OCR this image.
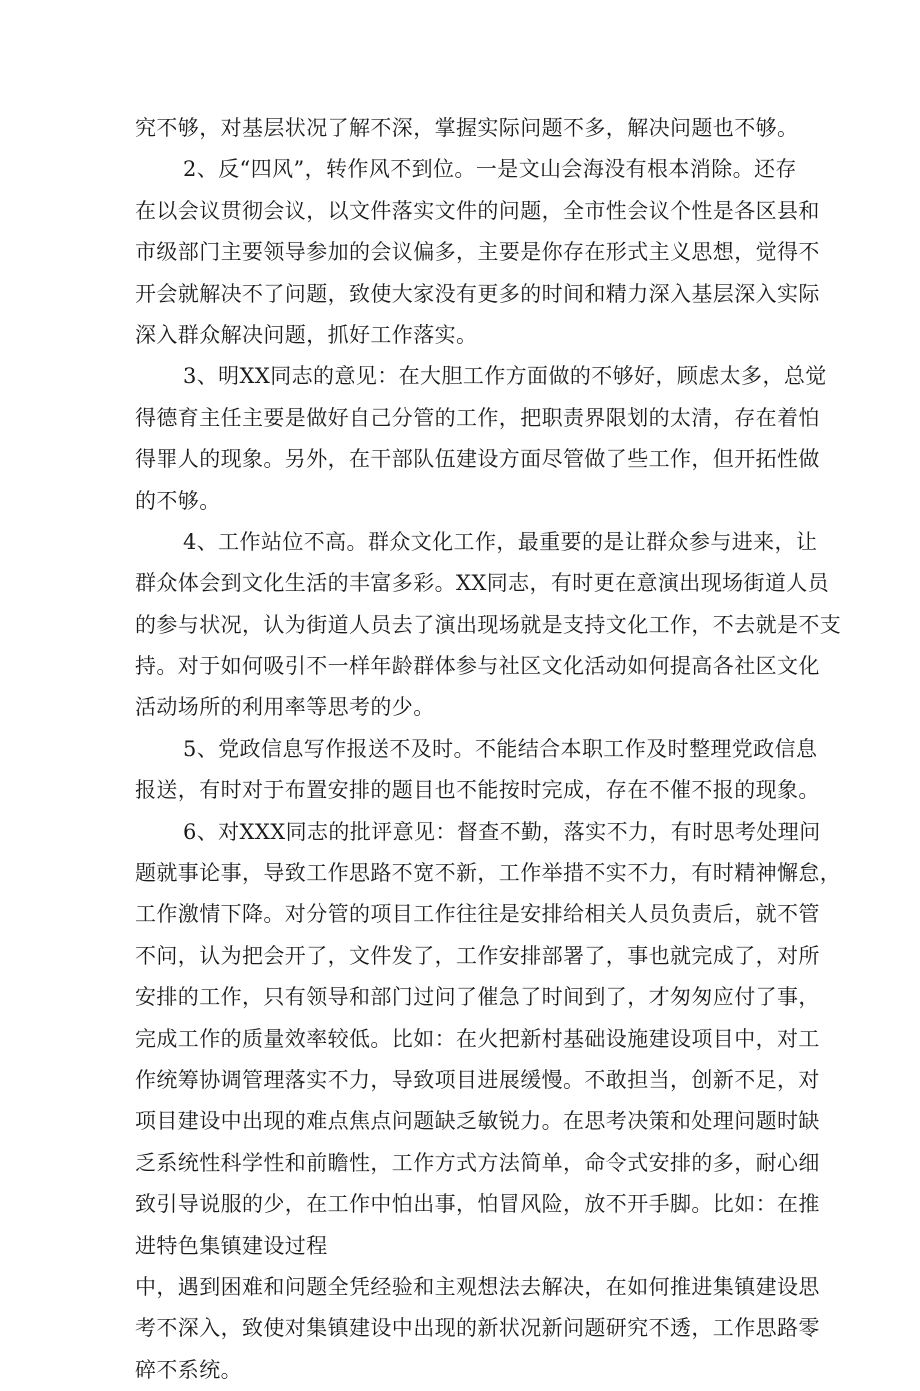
究不够，对基层状况了解不深，掌握实际问题不多，解决问题也不够。
2、反“四风”，转作风不到位。一是文山会海没有根本消除。还存
在以会议贯彻会议，以文件落实文件的问题，全市性会议个性是各区县和
市级部门主要领导参加的会议偏多，主要是你存在形式主义思想，觉得不
开会就解决不了问题，致使大家没有更多的时间和精力深入基层深入实际
深入群众解决问题，抓好工作落实。
3、明XX同志的意见：在大胆工作方面做的不够好，顾虑太多，总觉
得德育主任主要是做好自己分管的工作，把职责界限划的太清，存在着怕
得罪人的现象。另外，在干部队伍建设方面尽管做了些工作，但开拓性做
的不够。
4、工作站位不高。群众文化工作，最重要的是让群众参与进来，让
群众体会到文化生活的丰富多彩。XX同志，有时更在意演出现场街道人员
的参与状况，认为街道人员去了演出现场就是支持文化工作，不去就是不支
持。对于如何吸引不一样年龄群体参与社区文化活动如何提高各社区文化
活动场所的利用率等思考的少。
5、党政信息写作报送不及时。不能结合本职工作及时整理党政信息
报送，有时对于布置安排的题目也不能按时完成，存在不催不报的现象。
6、对XXX同志的批评意见：督查不勤，落实不力，有时思考处理问
题就事论事，导致工作思路不宽不新，工作举措不实不力，有时精神懈怠，
工作激情下降。对分管的项目工作往往是安排给相关人员负责后，就不管
不问，认为把会开了，文件发了，工作安排部署了，事也就完成了，对所
安排的工作，只有领导和部门过问了催急了时间到了，才匆匆应付了事，
完成工作的质量效率较低。比如：在火把新村基础设施建设项目中，对工
作统筹协调管理落实不力，导致项目进展缓慢。不敢担当，创新不足，对
项目建设中出现的难点焦点问题缺乏敏锐力。在思考决策和处理问题时缺
乏系统性科学性和前瞻性，工作方式方法简单，命令式安排的多，耐心细
致引导说服的少，在工作中怕出事，怕冒风险，放不开手脚。比如：在推
进特色集镇建设过程
中，遇到困难和问题全凭经验和主观想法去解决，在如何推进集镇建设思
考不深入，致使对集镇建设中出现的新状况新问题研究不透，工作思路零
碎不系统。
